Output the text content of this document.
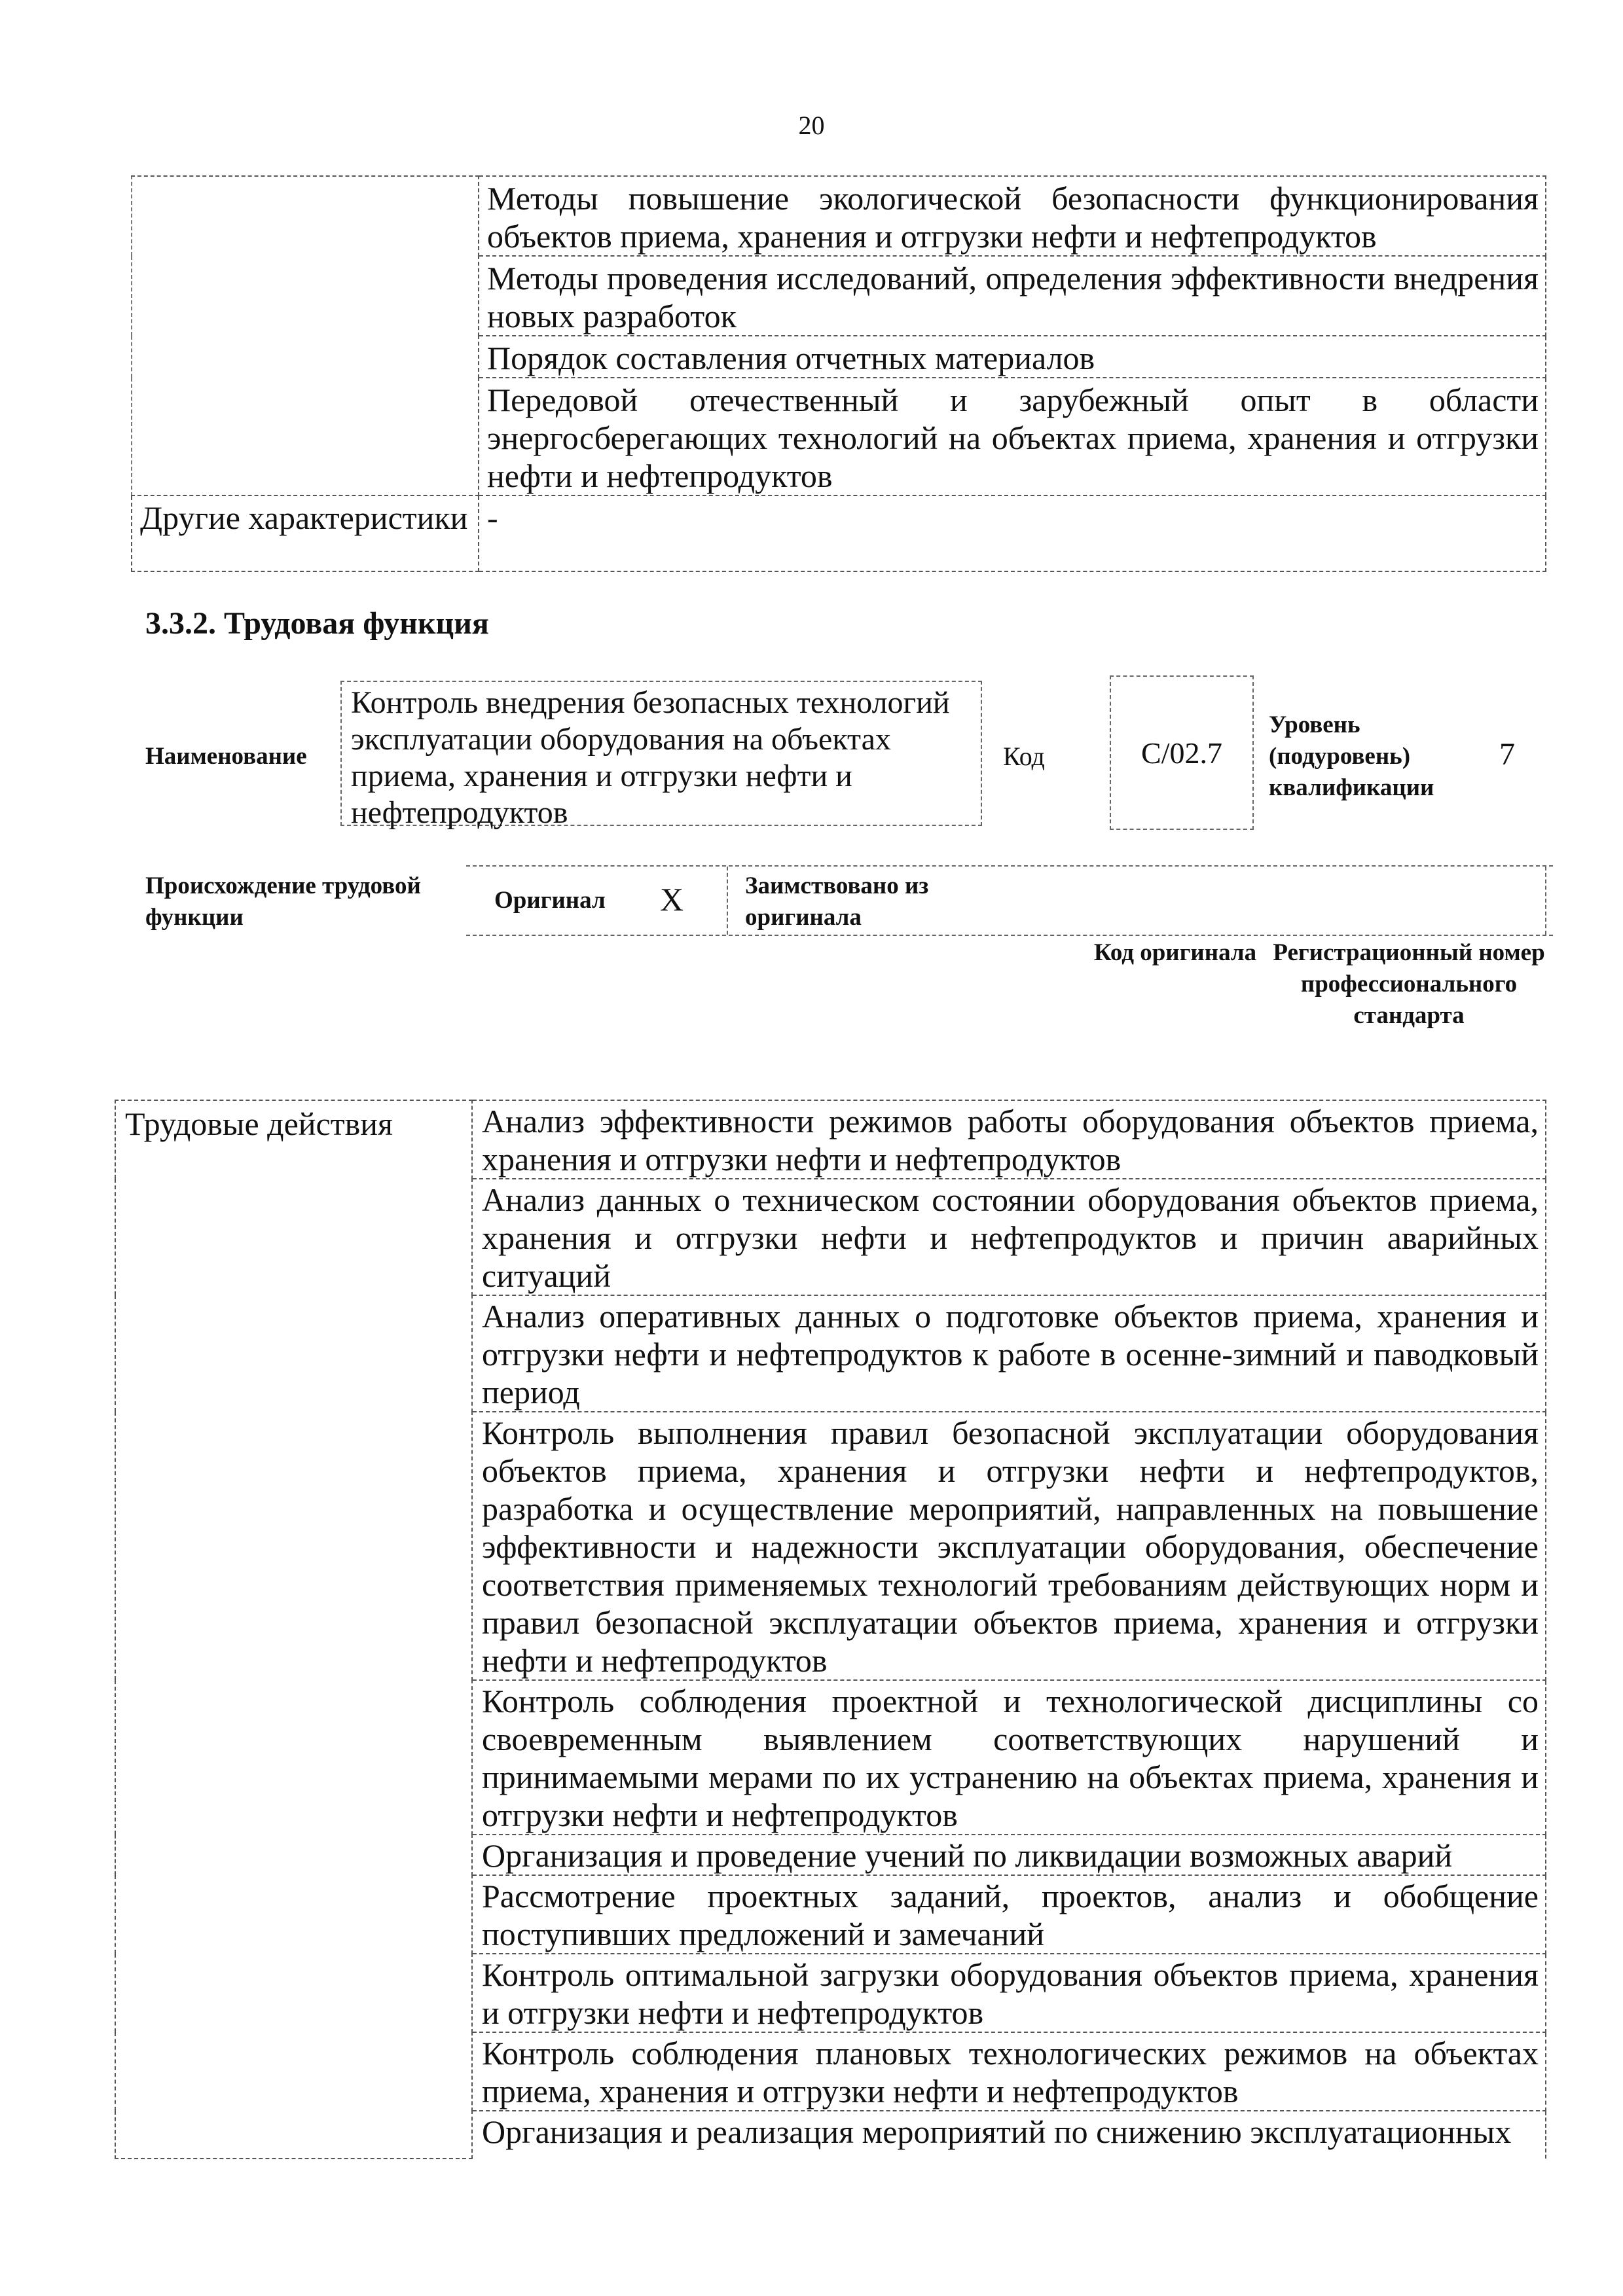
20
	Методы повышение экологической безопасности функционирования объектов приема, хранения и отгрузки нефти и нефтепродуктов
	Методы проведения исследований, определения эффективности внедрения новых разработок
	Порядок составления отчетных материалов
	Передовой отечественный и зарубежный опыт в области энергосберегающих технологий на объектах приема, хранения и отгрузки нефти и нефтепродуктов
Другие характеристики	-
3.3.2. Трудовая функция
Наименование
Контроль внедрения безопасных технологий эксплуатации оборудования на объектах приема, хранения и отгрузки нефти и нефтепродуктов
Код	С/02.7
Уровень (подуровень) квалификации
7
Происхождение трудовой функции
Оригинал X	Заимствовано из оригинала
Код оригинала Регистрационный номер профессионального стандарта
Трудовые действия	Анализ эффективности режимов работы оборудования объектов приема, хранения и отгрузки нефти и нефтепродуктов
Анализ данных о техническом состоянии оборудования объектов приема, хранения и отгрузки нефти и нефтепродуктов и причин аварийных ситуаций
Анализ оперативных данных о подготовке объектов приема, хранения и отгрузки нефти и нефтепродуктов к работе в осенне-зимний и паводковый период
Контроль выполнения правил безопасной эксплуатации оборудования объектов приема, хранения и отгрузки нефти и нефтепродуктов, разработка и осуществление мероприятий, направленных на повышение эффективности и надежности эксплуатации оборудования, обеспечение соответствия применяемых технологий требованиям действующих норм и правил безопасной эксплуатации объектов приема, хранения и отгрузки нефти и нефтепродуктов
Контроль соблюдения проектной и технологической дисциплины со своевременным выявлением соответствующих нарушений и принимаемыми мерами по их устранению на объектах приема, хранения и отгрузки нефти и нефтепродуктов
Организация и проведение учений по ликвидации возможных аварий
Рассмотрение проектных заданий, проектов, анализ и обобщение поступивших предложений и замечаний
Контроль оптимальной загрузки оборудования объектов приема, хранения и отгрузки нефти и нефтепродуктов
Контроль соблюдения плановых технологических режимов на объектах приема, хранения и отгрузки нефти и нефтепродуктов
Организация и реализация мероприятий по снижению эксплуатационных
